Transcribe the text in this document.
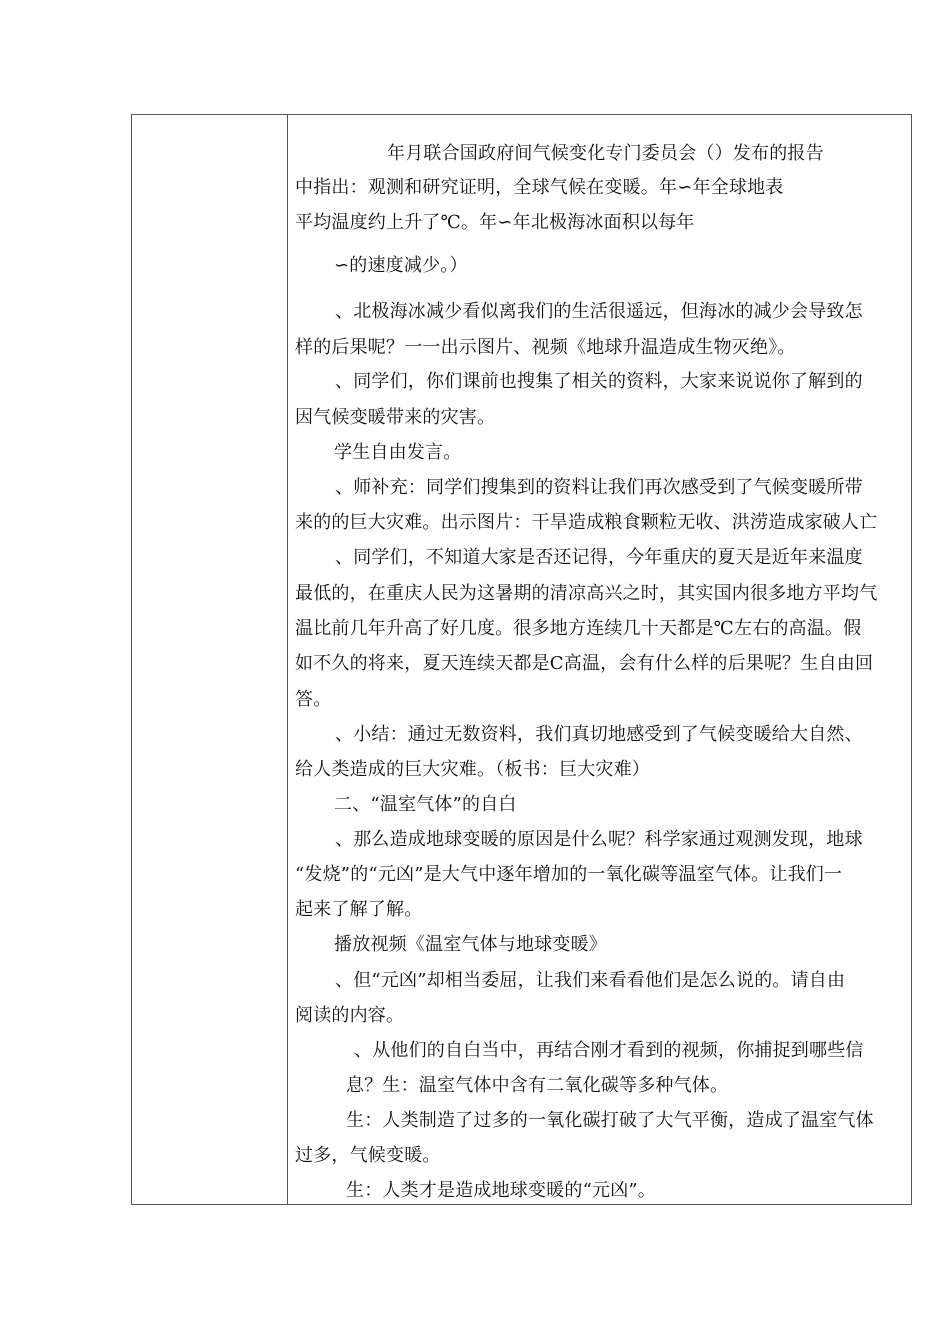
年月联合国政府间气候变化专门委员会（）发布的报告
中指出：观测和研究证明，全球气候在变暖。年∽年全球地表
平均温度约上升了℃。年∽年北极海冰面积以每年
∽的速度减少。）
、北极海冰减少看似离我们的生活很遥远，但海冰的减少会导致怎
样的后果呢？一一出示图片、视频《地球升温造成生物灭绝》。
、同学们，你们课前也搜集了相关的资料，大家来说说你了解到的
因气候变暖带来的灾害。
学生自由发言。
、师补充：同学们搜集到的资料让我们再次感受到了气候变暖所带
来的的巨大灾难。出示图片：干旱造成粮食颗粒无收、洪涝造成家破人亡
、同学们，不知道大家是否还记得，今年重庆的夏天是近年来温度
最低的，在重庆人民为这暑期的清凉高兴之时，其实国内很多地方平均气
温比前几年升高了好几度。很多地方连续几十天都是℃左右的高温。假
如不久的将来，夏天连续天都是C高温，会有什么样的后果呢？生自由回
答。
、小结：通过无数资料，我们真切地感受到了气候变暖给大自然、
给人类造成的巨大灾难。（板书：巨大灾难）
二、“温室气体”的自白
、那么造成地球变暖的原因是什么呢？科学家通过观测发现，地球
“发烧”的“元凶”是大气中逐年增加的一氧化碳等温室气体。让我们一
起来了解了解。
播放视频《温室气体与地球变暖》
、但“元凶”却相当委屈，让我们来看看他们是怎么说的。请自由
阅读的内容。
、从他们的自白当中，再结合刚才看到的视频，你捕捉到哪些信
息？生：温室气体中含有二氧化碳等多种气体。
生：人类制造了过多的一氧化碳打破了大气平衡，造成了温室气体
过多，气候变暖。
生：人类才是造成地球变暖的“元凶”。
